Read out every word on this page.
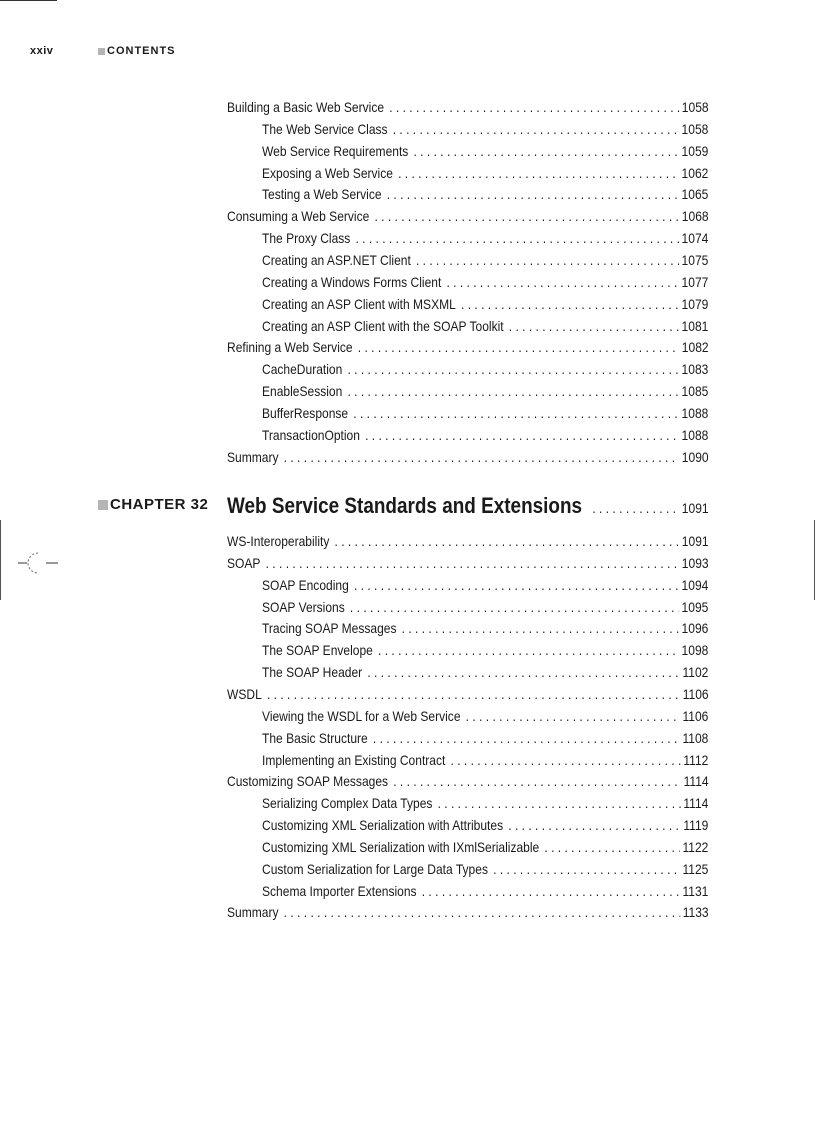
xxiv	CONTENTS
Building a Basic Web Service . . .	1058
The Web Service Class . . .	1058
Web Service Requirements . . .	1059
Exposing a Web Service . . .	1062
Testing a Web Service . . .	1065
Consuming a Web Service . . .	1068
The Proxy Class . . .	1074
Creating an ASP.NET Client . . .	1075
Creating a Windows Forms Client . . .	1077
Creating an ASP Client with MSXML . . .	1079
Creating an ASP Client with the SOAP Toolkit . . .	1081
Refining a Web Service . . .	1082
CacheDuration . . .	1083
EnableSession . . .	1085
BufferResponse . . .	1088
TransactionOption . . .	1088
Summary . . .	1090
CHAPTER 32 Web Service Standards and Extensions . . .	1091
WS-Interoperability . . .	1091
SOAP . . .	1093
SOAP Encoding . . .	1094
SOAP Versions . . .	1095
Tracing SOAP Messages . . .	1096
The SOAP Envelope . . .	1098
The SOAP Header . . .	1102
WSDL . . .	1106
Viewing the WSDL for a Web Service . . .	1106
The Basic Structure . . .	1108
Implementing an Existing Contract . . .	1112
Customizing SOAP Messages . . .	1114
Serializing Complex Data Types . . .	1114
Customizing XML Serialization with Attributes . . .	1119
Customizing XML Serialization with IXmlSerializable . . .	1122
Custom Serialization for Large Data Types . . .	1125
Schema Importer Extensions . . .	1131
Summary . . .	1133
